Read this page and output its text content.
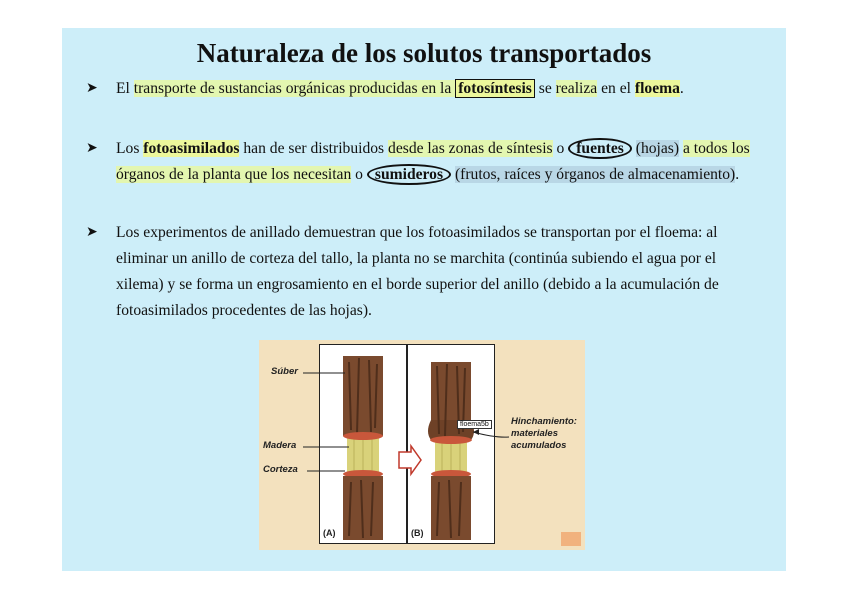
Naturaleza de los solutos transportados
➤ El transporte de sustancias orgánicas producidas en la fotosíntesis se realiza en el floema.
➤ Los fotoasimilados han de ser distribuidos desde las zonas de síntesis o fuentes (hojas) a todos los órganos de la planta que los necesitan o sumideros (frutos, raíces y órganos de almacenamiento).
➤ Los experimentos de anillado demuestran que los fotoasimilados se transportan por el floema: al eliminar un anillo de corteza del tallo, la planta no se marchita (continúa subiendo el agua por el xilema) y se forma un engrosamiento en el borde superior del anillo (debido a la acumulación de fotoasimilados procedentes de las hojas).
Súber
Madera
Corteza
(A)	(B)
floema5b	Hinchamiento:
materiales
acumulados
